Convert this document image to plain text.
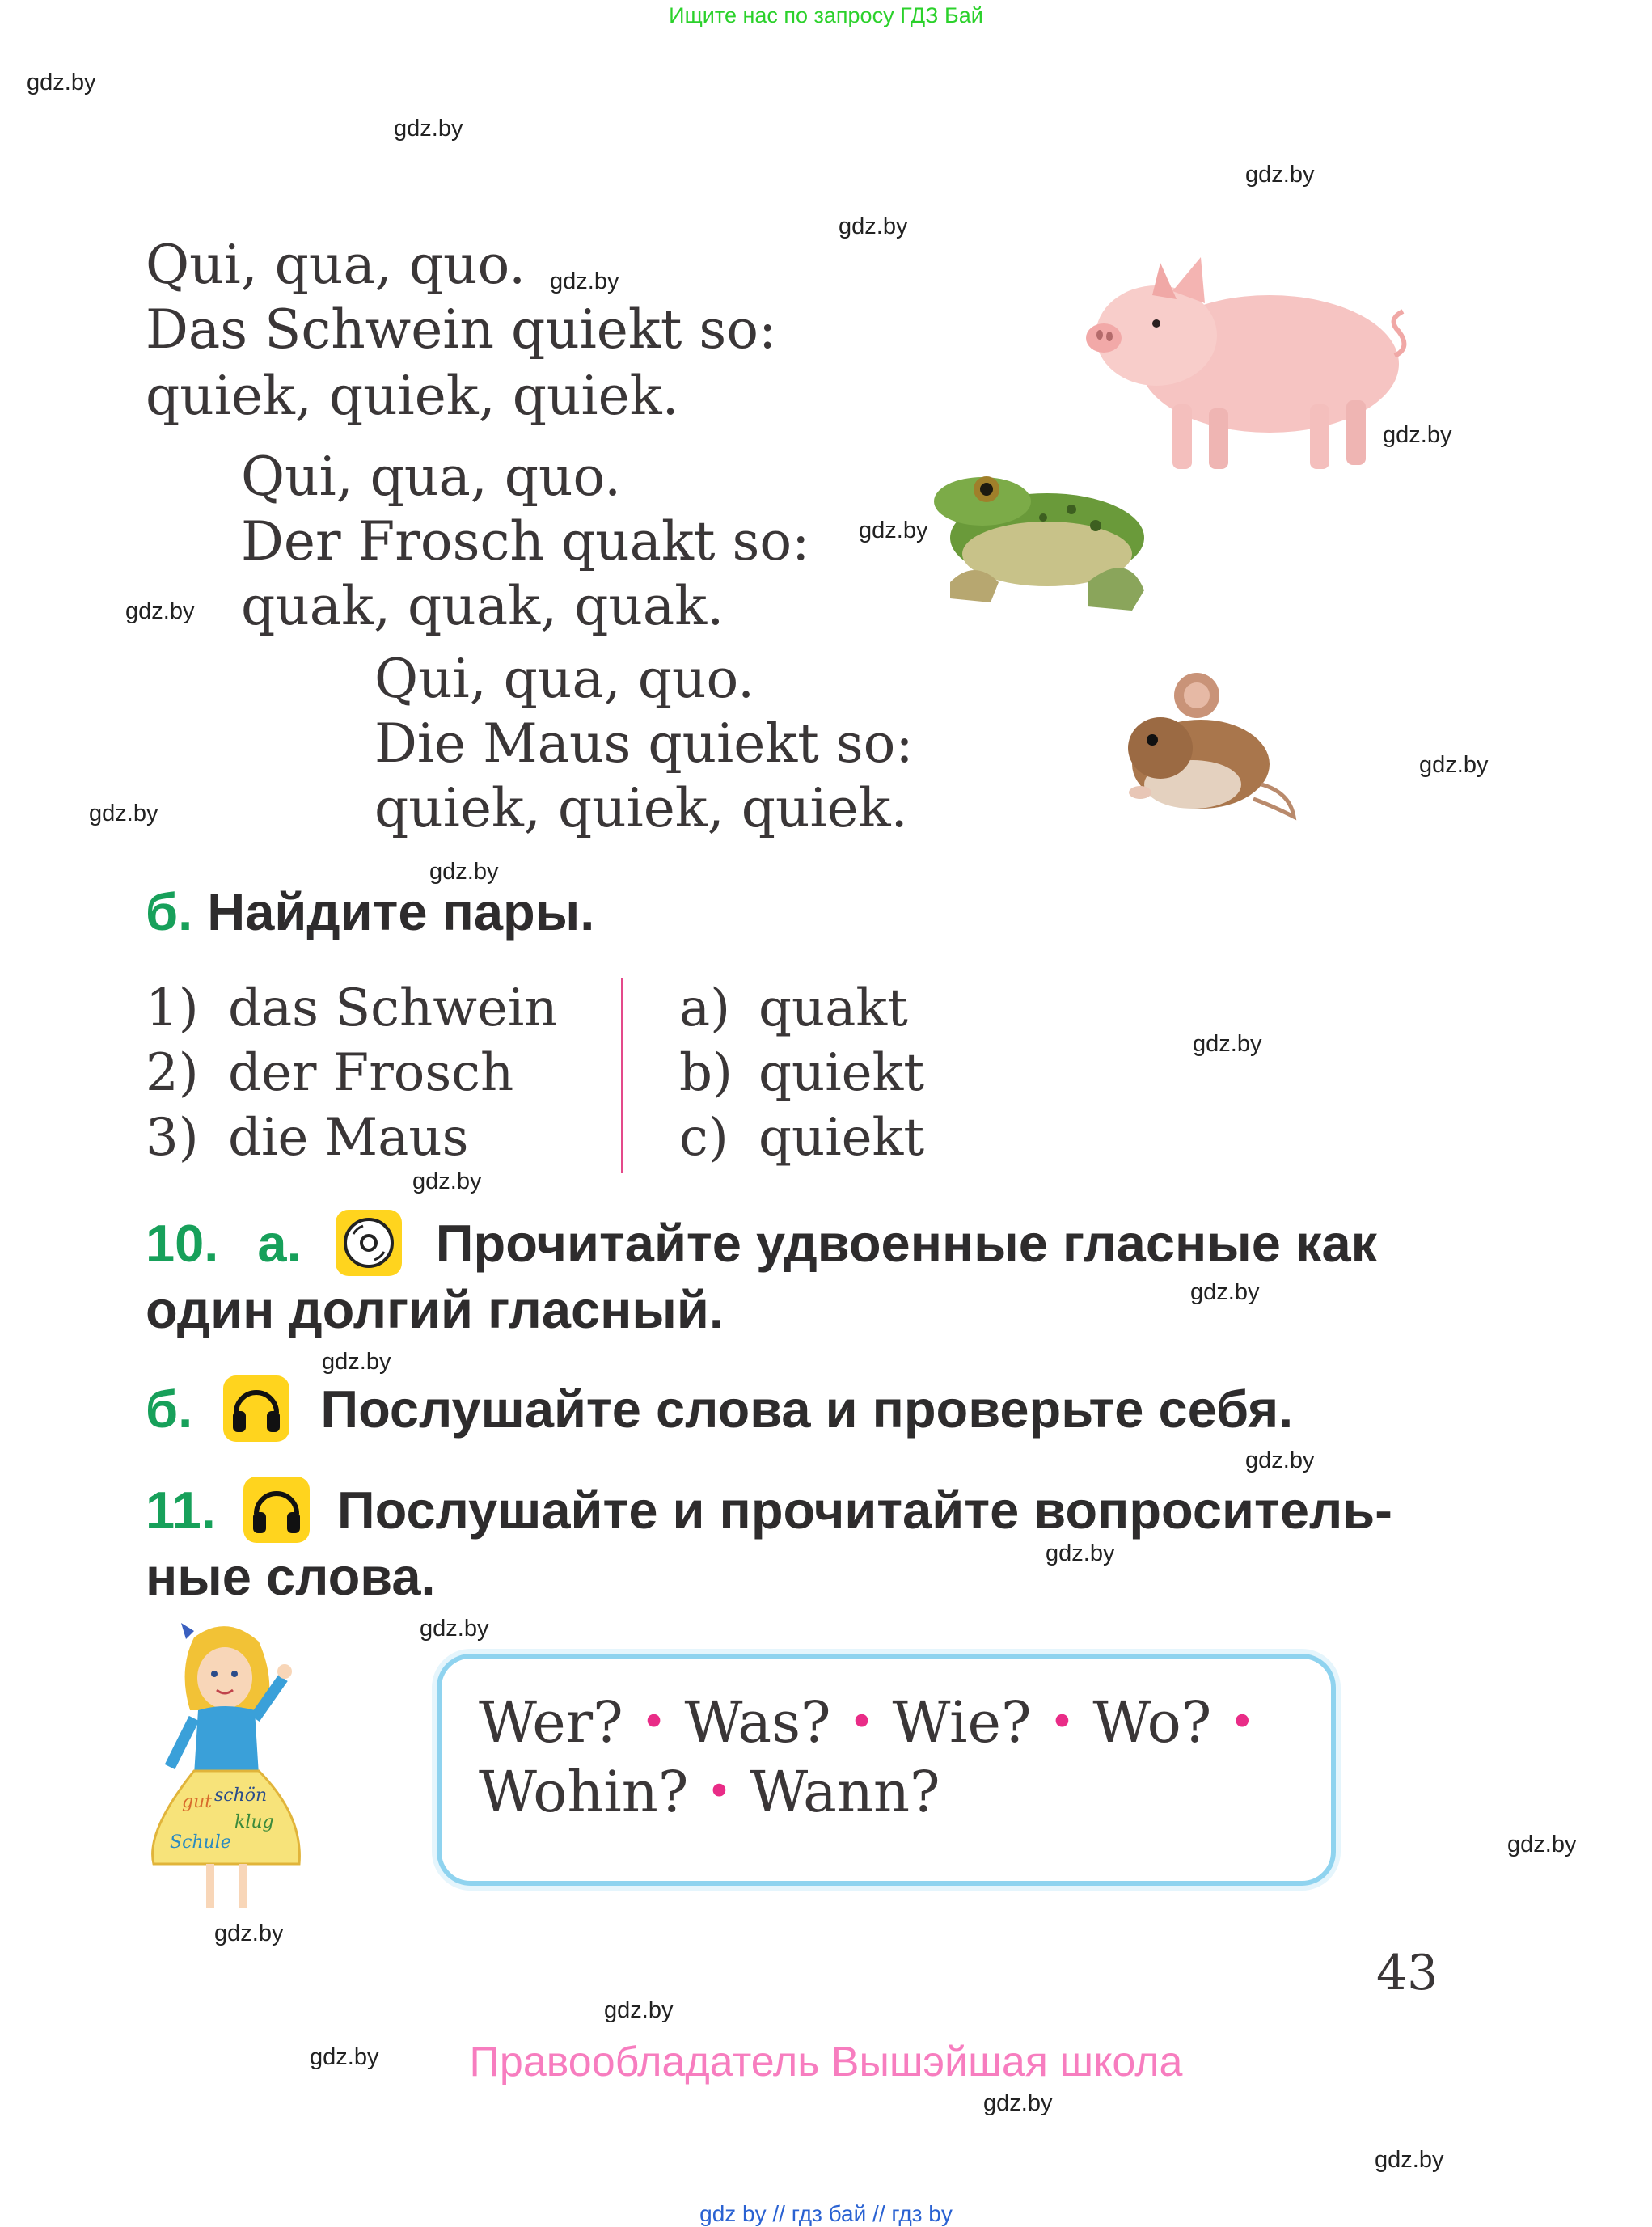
Ищите нас по запросу ГДЗ Бай
gdz.by
gdz.by
gdz.by
gdz.by
gdz.by
gdz.by
gdz.by
gdz.by
gdz.by
gdz.by
gdz.by
gdz.by
gdz.by
gdz.by
gdz.by
gdz.by
gdz.by
gdz.by
gdz.by
gdz.by
gdz.by
gdz.by
gdz.by
gdz.by
Qui, qua, quo.
Das Schwein quiekt so:
quiek, quiek, quiek.
Qui, qua, quo.
Der Frosch quakt so:
quak, quak, quak.
Qui, qua, quo.
Die Maus quiekt so:
quiek, quiek, quiek.
б. Найдите пары.
1) das Schwein
2) der Frosch
3) die Maus
a) quakt
b) quiekt
c) quiekt
10. а.	Прочитайте удвоенные гласные как
один долгий гласный.
б. Послушайте слова и проверьте себя.
11. Послушайте и прочитайте вопроситель-
ные слова.
gut schön
klug
Schule
Wer? • Was? • Wie? • Wo? •
Wohin? • Wann?
43
Правообладатель Вышэйшая школа
gdz by // гдз бай // гдз by
